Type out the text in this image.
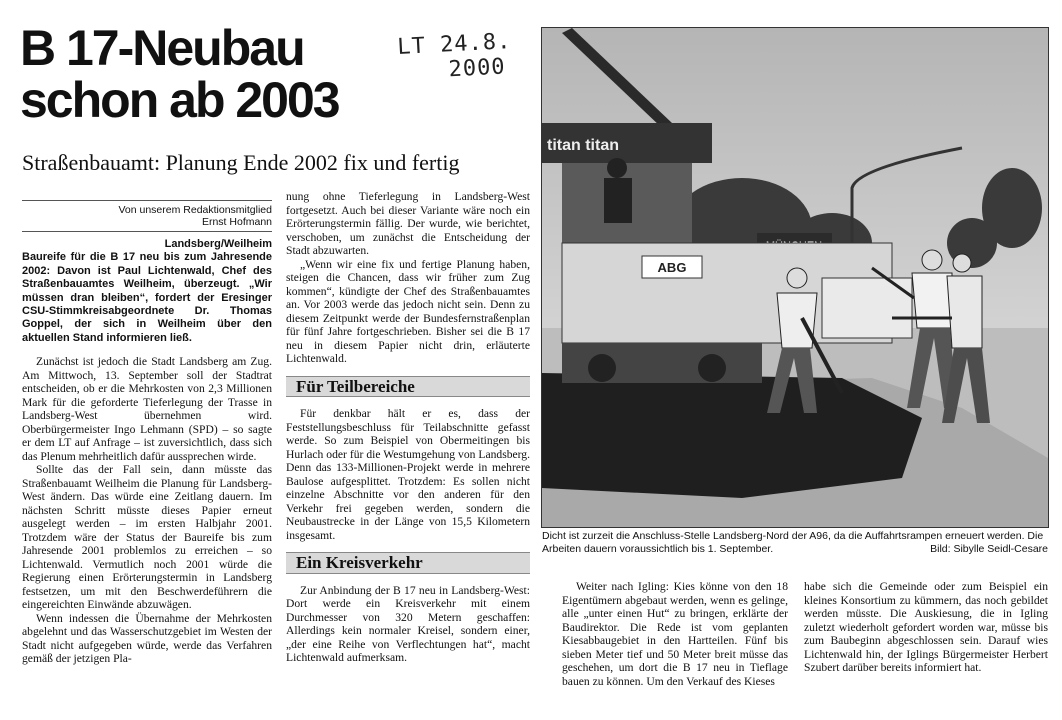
B 17-Neubau
schon ab 2003
LT 24.8.
2000
Straßenbauamt: Planung Ende 2002 fix und fertig
Von unserem Redaktionsmitglied
Ernst Hofmann
Landsberg/Weilheim
Baureife für die B 17 neu bis zum Jahresende 2002: Davon ist Paul Lichtenwald, Chef des Straßenbauamtes Weilheim, überzeugt. „Wir müssen dran bleiben“, fordert der Eresinger CSU-Stimmkreisabgeordnete Dr. Thomas Goppel, der sich in Weilheim über den aktuellen Stand informieren ließ.

Zunächst ist jedoch die Stadt Landsberg am Zug. Am Mittwoch, 13. September soll der Stadtrat entscheiden, ob er die Mehrkosten von 2,3 Millionen Mark für die geforderte Tieferlegung der Trasse in Landsberg-West übernehmen wird. Oberbürgermeister Ingo Lehmann (SPD) – so sagte er dem LT auf Anfrage – ist zuversichtlich, dass sich das Plenum mehrheitlich dafür aussprechen wirde.

Sollte das der Fall sein, dann müsste das Straßenbauamt Weilheim die Planung für Landsberg-West ändern. Das würde eine Zeitlang dauern. Im nächsten Schritt müsste dieses Papier erneut ausgelegt werden – im ersten Halbjahr 2001. Trotzdem wäre der Status der Baureife bis zum Jahresende 2001 problemlos zu erreichen – so Lichtenwald. Vermutlich noch 2001 würde die Regierung einen Erörterungstermin in Landsberg festsetzen, um mit den Beschwerdeführern die eingereichten Einwände abzuwägen.

Wenn indessen die Übernahme der Mehrkosten abgelehnt und das Wasserschutzgebiet im Westen der Stadt nicht aufgegeben würde, werde das Verfahren gemäß der jetzigen Pla-

nung ohne Tieferlegung in Landsberg-West fortgesetzt. Auch bei dieser Variante wäre noch ein Erörterungstermin fällig. Der wurde, wie berichtet, verschoben, um zunächst die Entscheidung der Stadt abzuwarten.

„Wenn wir eine fix und fertige Planung haben, steigen die Chancen, dass wir früher zum Zug kommen“, kündigte der Chef des Straßenbauamtes an. Vor 2003 werde das jedoch nicht sein. Denn zu diesem Zeitpunkt werde der Bundesfernstraßenplan für fünf Jahre fortgeschrieben. Bisher sei die B 17 neu in diesem Papier nicht drin, erläuterte Lichtenwald.

Für Teilbereiche

Für denkbar hält er es, dass der Feststellungsbeschluss für Teilabschnitte gefasst werde. So zum Beispiel von Obermeitingen bis Hurlach oder für die Westumgehung von Landsberg. Denn das 133-Millionen-Projekt werde in mehrere Baulose aufgesplittet. Trotzdem: Es sollen nicht einzelne Abschnitte vor den anderen für den Verkehr frei gegeben werden, sondern die Neubaustrecke in der Länge von 15,5 Kilometern insgesamt.

Ein Kreisverkehr

Zur Anbindung der B 17 neu in Landsberg-West: Dort werde ein Kreisverkehr mit einem Durchmesser von 320 Metern geschaffen: Allerdings kein normaler Kreisel, sondern einer, „der eine Reihe von Verflechtungen hat“, macht Lichtenwald aufmerksam.

titan titan
ABG
Dicht ist zurzeit die Anschluss-Stelle Landsberg-Nord der A96, da die Auffahrtsrampen erneuert werden. Die Arbeiten dauern voraussichtlich bis 1. September.	Bild: Sibylle Seidl-Cesare

Weiter nach Igling: Kies könne von den 18 Eigentümern abgebaut werden, wenn es gelinge, alle „unter einen Hut“ zu bringen, erklärte der Baudirektor. Die Rede ist vom geplanten Kiesabbaugebiet in den Hartteilen. Fünf bis sieben Meter tief und 50 Meter breit müsse das geschehen, um dort die B 17 neu in Tieflage bauen zu können. Um den Verkauf des Kieses

habe sich die Gemeinde oder zum Beispiel ein kleines Konsortium zu kümmern, das noch gebildet werden müsste. Die Auskiesung, die in Igling zuletzt wiederholt gefordert worden war, müsse bis zum Baubeginn abgeschlossen sein. Darauf wies Lichtenwald hin, der Iglings Bürgermeister Herbert Szubert darüber bereits informiert hat.
